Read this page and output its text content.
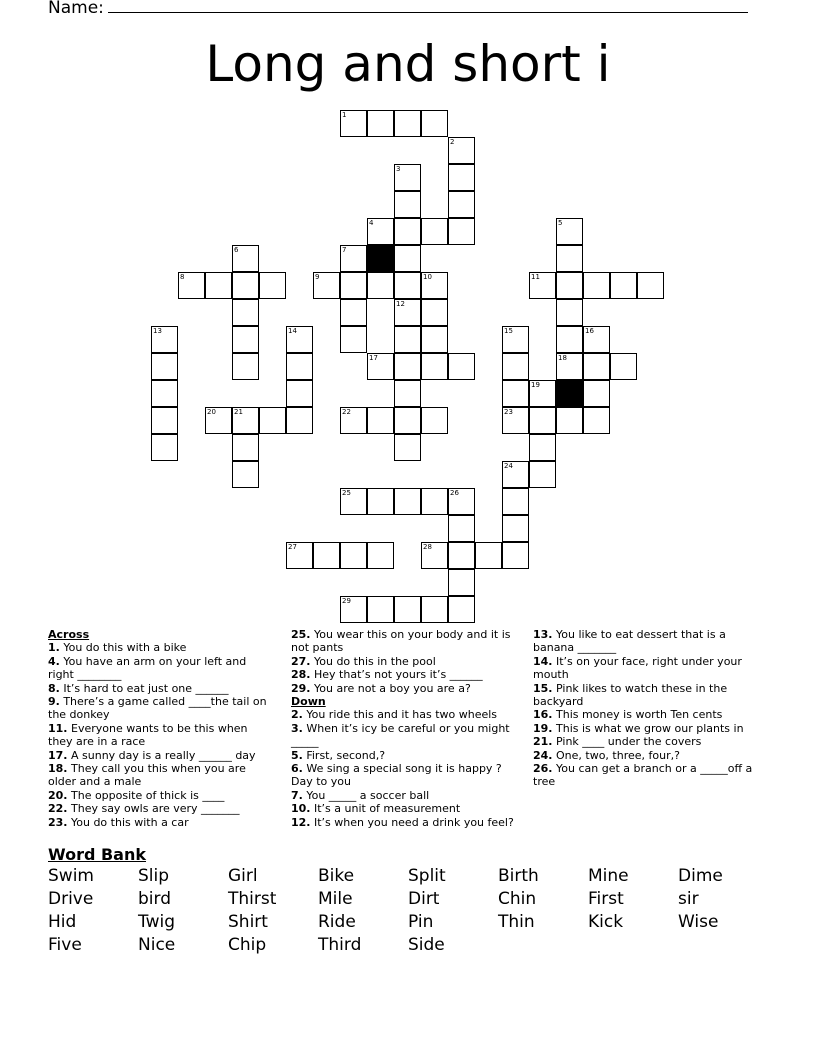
Name:
Long and short i
1
2
3
4	5
6	7
8	9	10	11
12
13	14	15	16
17	18
19
20	21	22	23
24
25	26
27	28
29
Across
1. You do this with a bike
4. You have an arm on your left and right ________
8. It’s hard to eat just one ______
9. There’s a game called ____the tail on the donkey
11. Everyone wants to be this when they are in a race
17. A sunny day is a really ______ day
18. They call you this when you are older and a male
20. The opposite of thick is ____
22. They say owls are very _______
23. You do this with a car
25. You wear this on your body and it is not pants
27. You do this in the pool
28. Hey that’s not yours it’s ______
29. You are not a boy you are a?
Down
2. You ride this and it has two wheels
3. When it’s icy be careful or you might _____
5. First, second,?
6. We sing a special song it is happy ? Day to you
7. You _____ a soccer ball
10. It’s a unit of measurement
12. It’s when you need a drink you feel?
13. You like to eat dessert that is a banana _______
14. It’s on your face, right under your mouth
15. Pink likes to watch these in the backyard
16. This money is worth Ten cents
19. This is what we grow our plants in
21. Pink ____ under the covers
24. One, two, three, four,?
26. You can get a branch or a _____off a tree
Word Bank
Swim	Slip	Girl	Bike	Split	Birth	Mine	Dime
Drive	bird	Thirst	Mile	Dirt	Chin	First	sir
Hid	Twig	Shirt	Ride	Pin	Thin	Kick	Wise
Five	Nice	Chip	Third	Side
